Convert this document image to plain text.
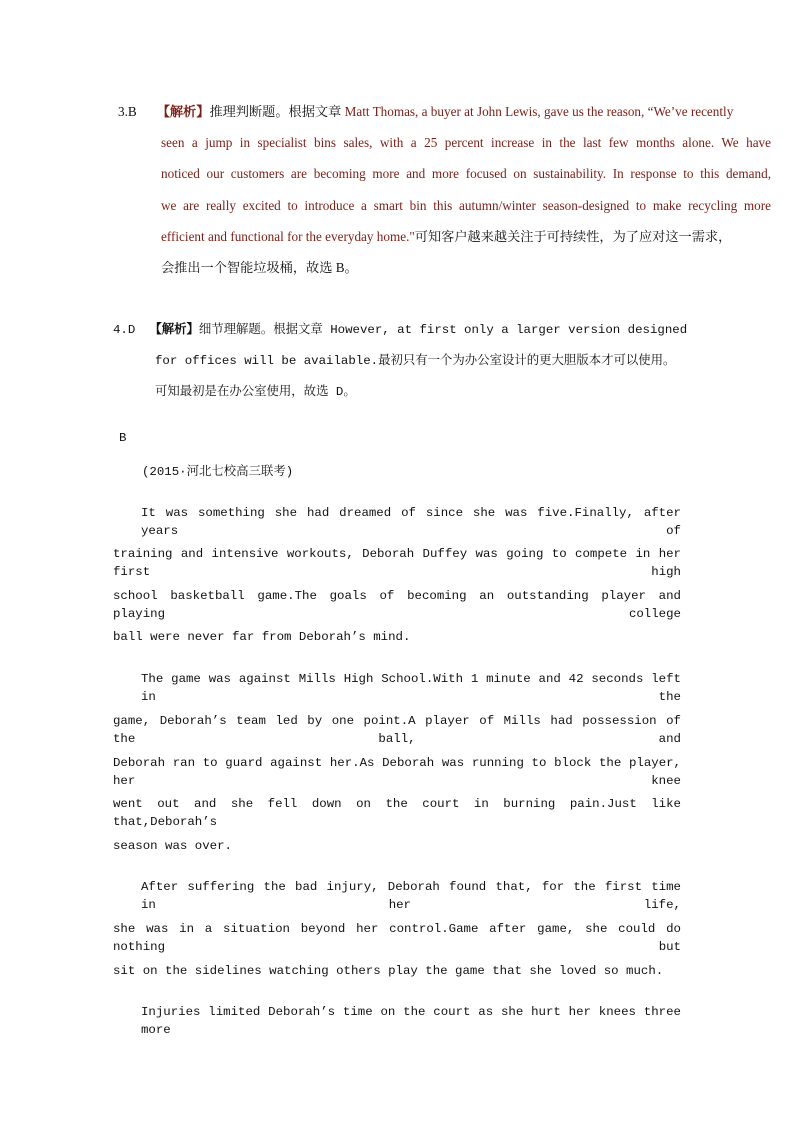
3.B 【解析】推理判断题。根据文章 Matt Thomas, a buyer at John Lewis, gave us the reason, “We’ve recently
seen a jump in specialist bins sales, with a 25 percent increase in the last few months alone. We have
noticed our customers are becoming more and more focused on sustainability. In response to this demand,
we are really excited to introduce a smart bin this autumn/winter season-designed to make recycling more
efficient and functional for the everyday home."可知客户越来越关注于可持续性，为了应对这一需求，
会推出一个智能垃圾桶，故选 B。
4.D 【解析】细节理解题。根据文章 However, at first only a larger version designed
for offices will be available.最初只有一个为办公室设计的更大胆版本才可以使用。
可知最初是在办公室使用，故选 D。
B
(2015·河北七校高三联考)
It was something she had dreamed of since she was five.Finally, after years of
training and intensive workouts, Deborah Duffey was going to compete in her first high
school basketball game.The goals of becoming an outstanding player and playing college
ball were never far from Deborah’s mind.
The game was against Mills High School.With 1 minute and 42 seconds left in the
game, Deborah’s team led by one point.A player of Mills had possession of the ball, and
Deborah ran to guard against her.As Deborah was running to block the player, her knee
went out and she fell down on the court in burning pain.Just like that,Deborah’s
season was over.
After suffering the bad injury, Deborah found that, for the first time in her life,
she was in a situation beyond her control.Game after game, she could do nothing but
sit on the sidelines watching others play the game that she loved so much.
Injuries limited Deborah’s time on the court as she hurt her knees three more
